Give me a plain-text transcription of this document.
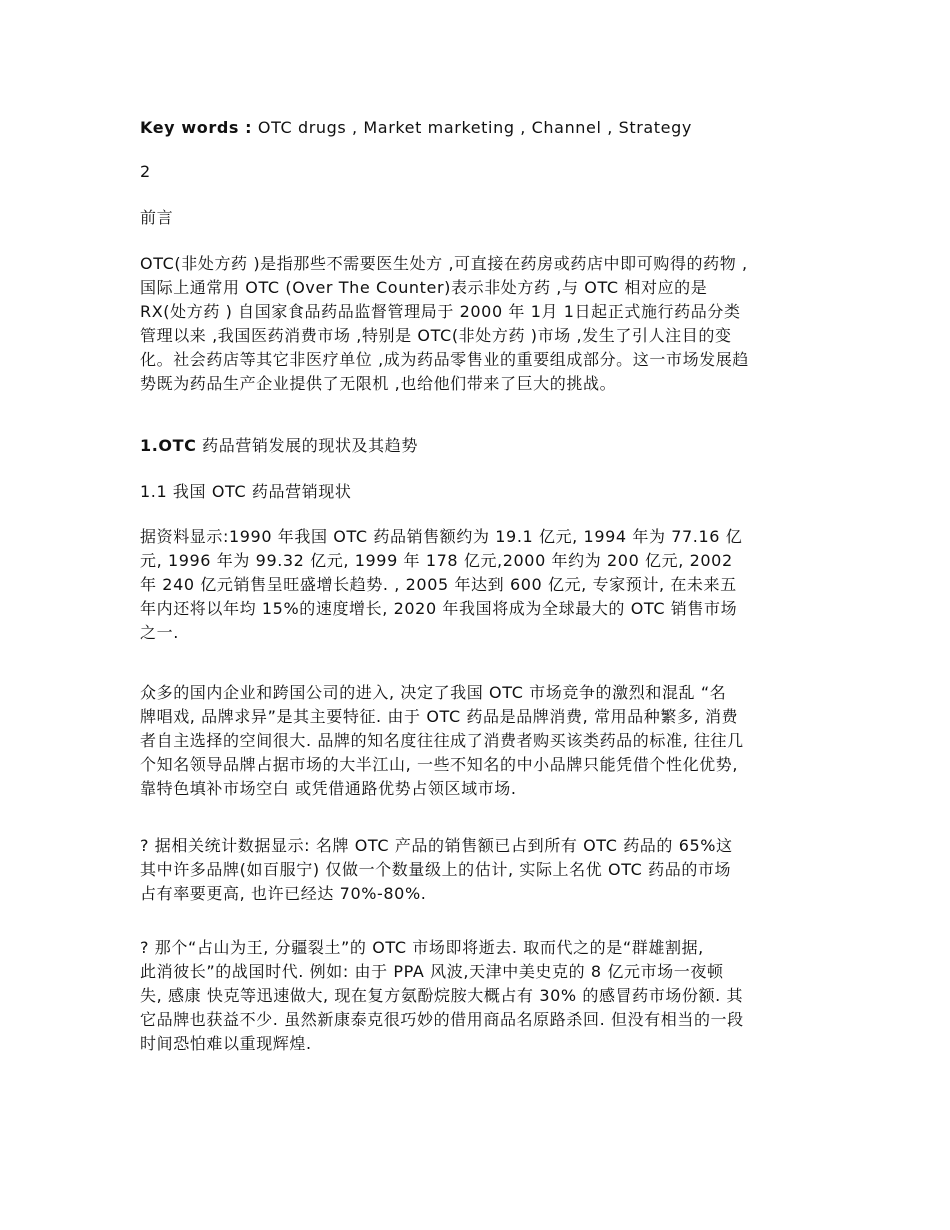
Key words : OTC drugs , Market marketing , Channel , Strategy
2
前言
OTC(非处方药 )是指那些不需要医生处方 ,可直接在药房或药店中即可购得的药物 ,
国际上通常用 OTC (Over The Counter)表示非处方药 ,与 OTC 相对应的是
RX(处方药 ) 自国家食品药品监督管理局于 2000 年 1月 1日起正式施行药品分类
管理以来 ,我国医药消费市场 ,特别是 OTC(非处方药 )市场 ,发生了引人注目的变
化。社会药店等其它非医疗单位 ,成为药品零售业的重要组成部分。这一市场发展趋
势既为药品生产企业提供了无限机 ,也给他们带来了巨大的挑战。
1.OTC 药品营销发展的现状及其趋势
1.1 我国 OTC 药品营销现状
据资料显示:1990 年我国 OTC 药品销售额约为 19.1 亿元, 1994 年为 77.16 亿
元, 1996 年为 99.32 亿元, 1999 年 178 亿元,2000 年约为 200 亿元, 2002
年 240 亿元销售呈旺盛增长趋势. , 2005 年达到 600 亿元, 专家预计, 在未来五
年内还将以年均 15%的速度增长, 2020 年我国将成为全球最大的 OTC 销售市场
之一.
众多的国内企业和跨国公司的进入, 决定了我国 OTC 市场竞争的激烈和混乱 “名
牌唱戏, 品牌求异”是其主要特征. 由于 OTC 药品是品牌消费, 常用品种繁多, 消费
者自主选择的空间很大. 品牌的知名度往往成了消费者购买该类药品的标准, 往往几
个知名领导品牌占据市场的大半江山, 一些不知名的中小品牌只能凭借个性化优势,
靠特色填补市场空白 或凭借通路优势占领区域市场.
? 据相关统计数据显示: 名牌 OTC 产品的销售额已占到所有 OTC 药品的 65%这
其中许多品牌(如百服宁) 仅做一个数量级上的估计, 实际上名优 OTC 药品的市场
占有率要更高, 也许已经达 70%-80%.
? 那个“占山为王, 分疆裂土”的 OTC 市场即将逝去. 取而代之的是“群雄割据,
此消彼长”的战国时代. 例如: 由于 PPA 风波,天津中美史克的 8 亿元市场一夜顿
失, 感康 快克等迅速做大, 现在复方氨酚烷胺大概占有 30% 的感冒药市场份额. 其
它品牌也获益不少. 虽然新康泰克很巧妙的借用商品名原路杀回. 但没有相当的一段
时间恐怕难以重现辉煌.
